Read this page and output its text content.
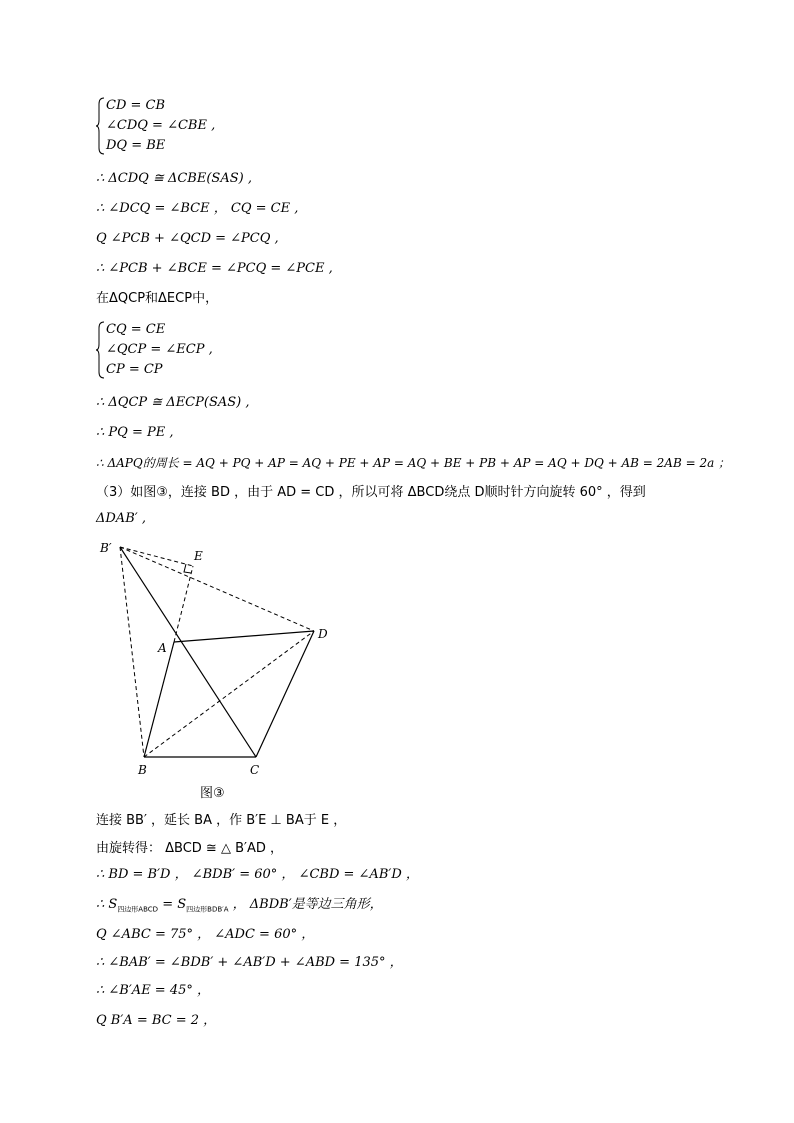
CD = CB
∠CDQ = ∠CBE ,
DQ = BE
∴ ΔCDQ ≅ ΔCBE(SAS) ,
∴ ∠DCQ = ∠BCE ， CQ = CE ,
Q ∠PCB + ∠QCD = ∠PCQ ,
∴ ∠PCB + ∠BCE = ∠PCQ = ∠PCE ,
在ΔQCP和ΔECP中，
CQ = CE
∠QCP = ∠ECP ,
CP = CP
∴ ΔQCP ≅ ΔECP(SAS) ,
∴ PQ = PE ,
∴ ΔAPQ的周长 = AQ + PQ + AP = AQ + PE + AP = AQ + BE + PB + AP = AQ + DQ + AB = 2AB = 2a ；
（3）如图③，连接 BD ，由于 AD = CD ，所以可将 ΔBCD绕点 D顺时针方向旋转 60° ，得到
ΔDAB′ ,
B′
E
A
D
B	C
图③
连接 BB′ ，延长 BA ，作 B′E ⊥ BA于 E ，
由旋转得： ΔBCD ≅ △ B′AD ，
∴ BD = B′D ， ∠BDB′ = 60° ， ∠CBD = ∠AB′D ，
∴ $S_{四边形ABCD} = S_{四边形BDB'A}$ ， ΔBDB′是等边三角形，
Q ∠ABC = 75° ， ∠ADC = 60° ，
∴ ∠BAB′ = ∠BDB′ + ∠AB′D + ∠ABD = 135° ，
∴ ∠B′AE = 45° ，
Q B′A = BC = 2 ，
